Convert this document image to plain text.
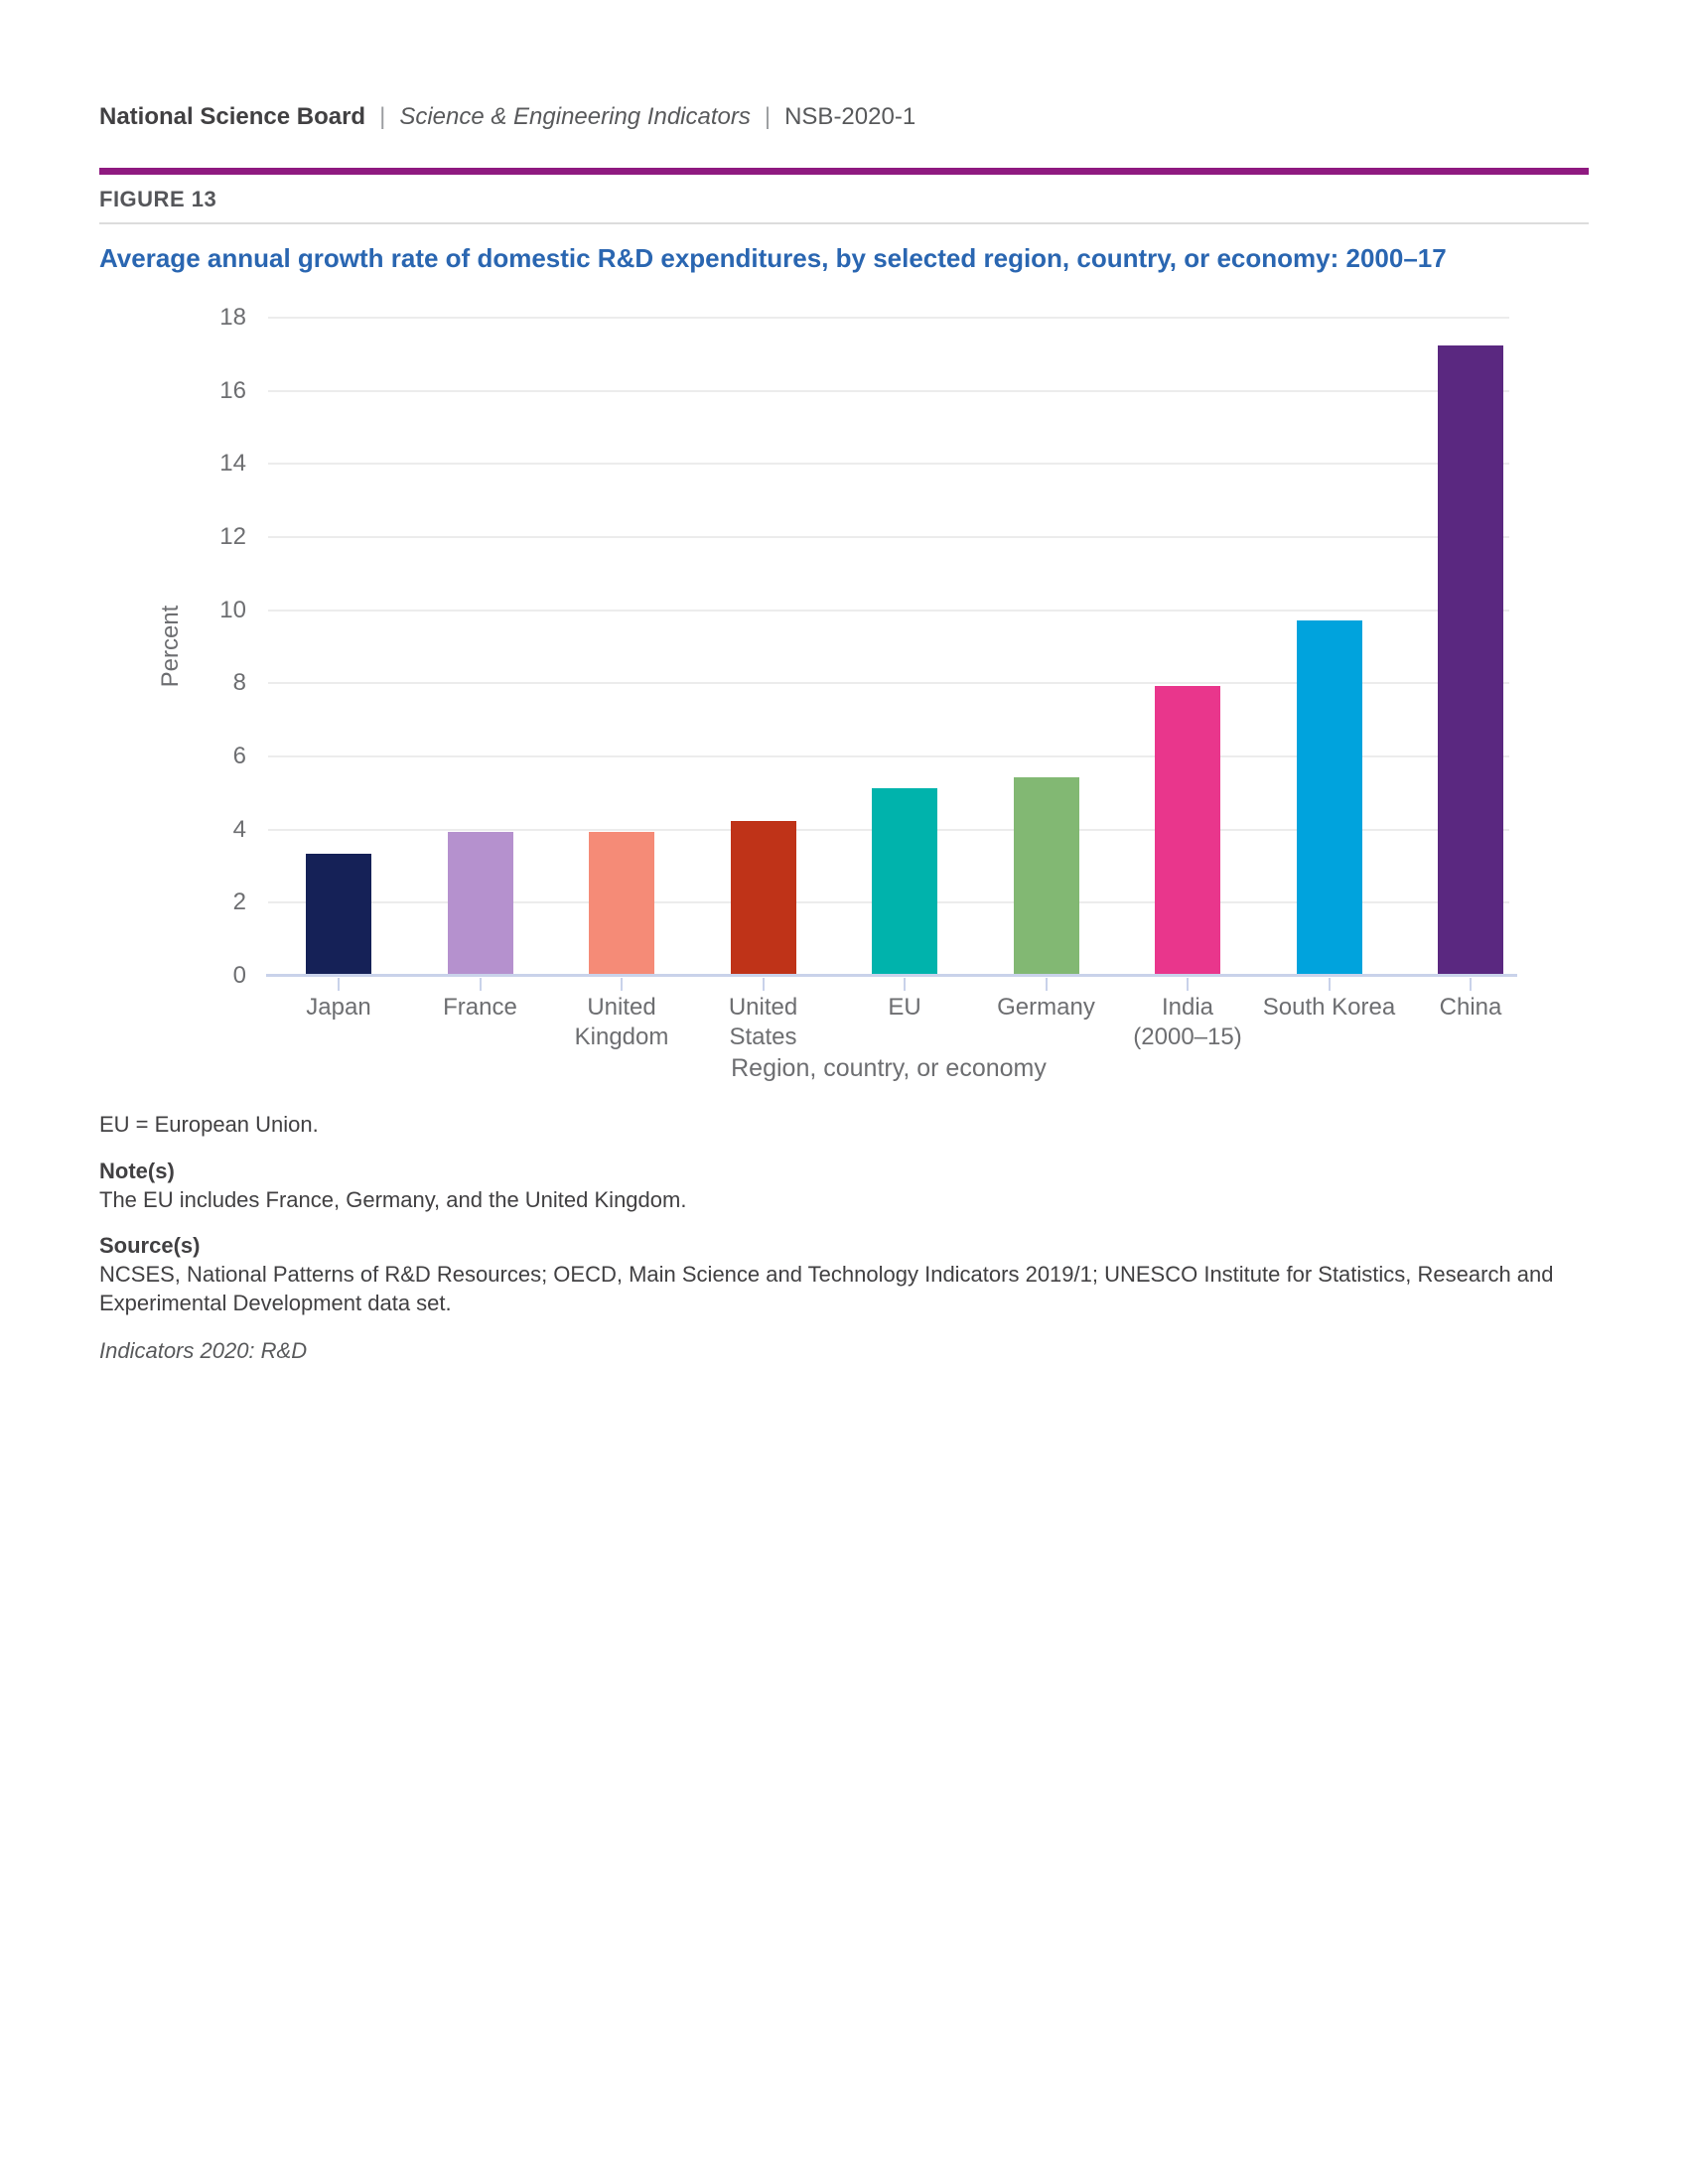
National Science Board | Science & Engineering Indicators | NSB-2020-1
FIGURE 13
Average annual growth rate of domestic R&D expenditures, by selected region, country, or economy: 2000–17
Percent
Region, country, or economy
0
2
4
6
8
10
12
14
16
18
Japan	France	United
Kingdom
United
States
EU	Germany	India
(2000–15)
South Korea	China
EU = European Union.
Note(s)
The EU includes France, Germany, and the United Kingdom.
Source(s)
NCSES, National Patterns of R&D Resources; OECD, Main Science and Technology Indicators 2019/1; UNESCO Institute for Statistics, Research and Experimental Development data set.
Indicators 2020: R&D
